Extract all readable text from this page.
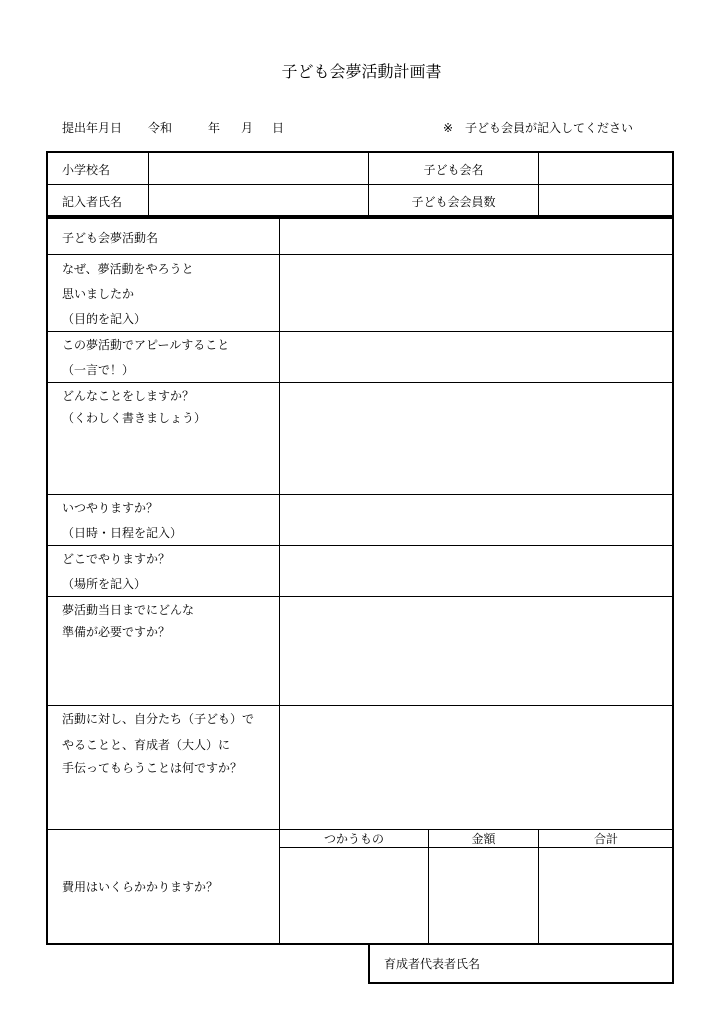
子ども会夢活動計画書
提出年月日 令和	年 月 日	※　子ども会員が記入してください
小学校名	子ども会名
記入者氏名	子ども会会員数
子ども会夢活動名
なぜ、夢活動をやろうと
思いましたか
（目的を記入）
この夢活動でアピールすること
（一言で！）
どんなことをしますか？
（くわしく書きましょう）
いつやりますか？
（日時・日程を記入）
どこでやりますか？
（場所を記入）
夢活動当日までにどんな
準備が必要ですか？
活動に対し、自分たち（子ども）で
やることと、育成者（大人）に
手伝ってもらうことは何ですか？
費用はいくらかかりますか？
つかうもの	金額	合計
育成者代表者氏名
